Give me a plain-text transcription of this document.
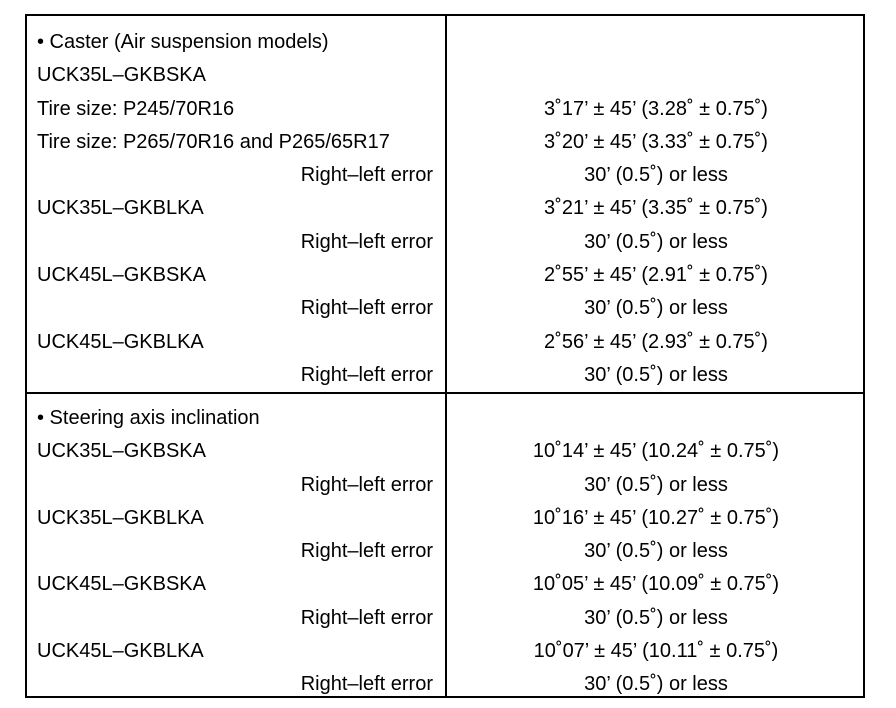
• Caster (Air suspension models)
UCK35L–GKBSKA
Tire size: P245/70R16	3˚17’ ± 45’ (3.28˚ ± 0.75˚)
Tire size: P265/70R16 and P265/65R17	3˚20’ ± 45’ (3.33˚ ± 0.75˚)
Right–left error	30’ (0.5˚) or less
UCK35L–GKBLKA	3˚21’ ± 45’ (3.35˚ ± 0.75˚)
Right–left error	30’ (0.5˚) or less
UCK45L–GKBSKA	2˚55’ ± 45’ (2.91˚ ± 0.75˚)
Right–left error	30’ (0.5˚) or less
UCK45L–GKBLKA	2˚56’ ± 45’ (2.93˚ ± 0.75˚)
Right–left error	30’ (0.5˚) or less
• Steering axis inclination
UCK35L–GKBSKA	10˚14’ ± 45’ (10.24˚ ± 0.75˚)
Right–left error	30’ (0.5˚) or less
UCK35L–GKBLKA	10˚16’ ± 45’ (10.27˚ ± 0.75˚)
Right–left error	30’ (0.5˚) or less
UCK45L–GKBSKA	10˚05’ ± 45’ (10.09˚ ± 0.75˚)
Right–left error	30’ (0.5˚) or less
UCK45L–GKBLKA	10˚07’ ± 45’ (10.11˚ ± 0.75˚)
Right–left error	30’ (0.5˚) or less
